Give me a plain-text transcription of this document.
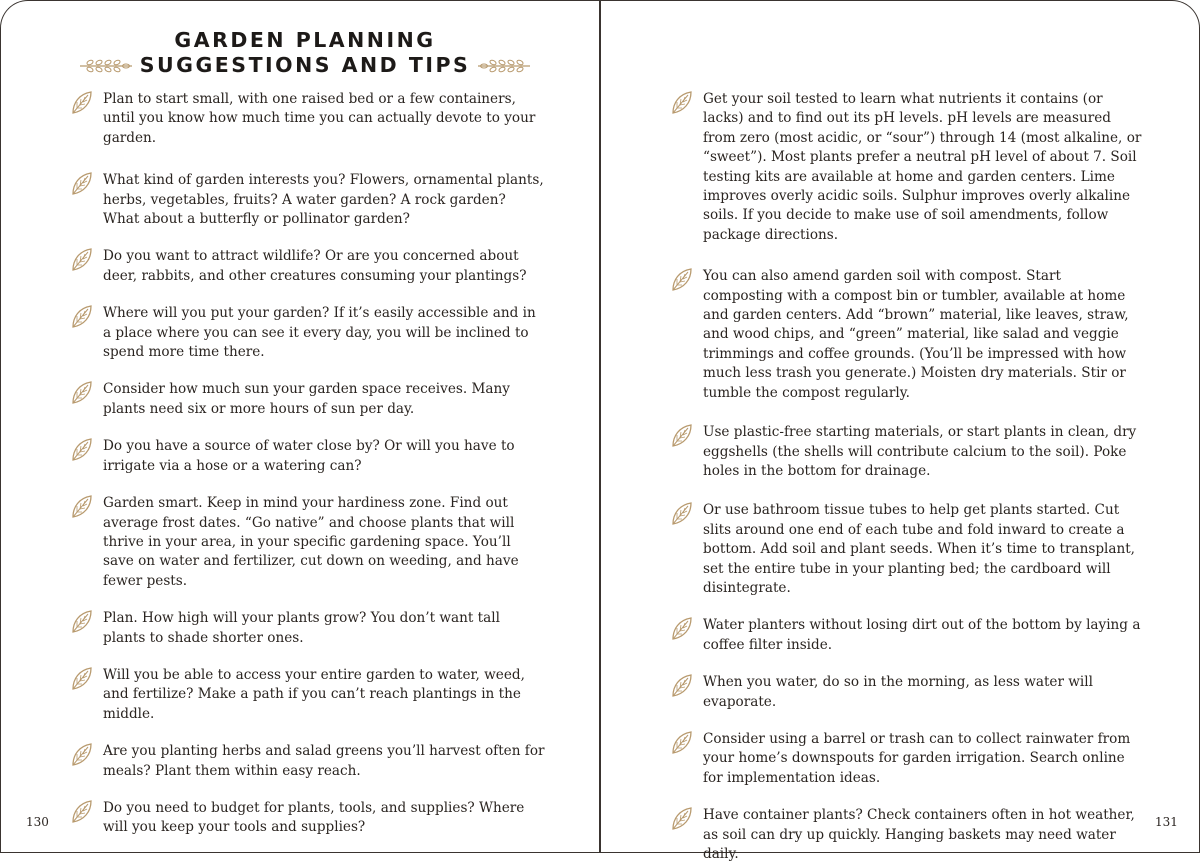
GARDEN PLANNING
SUGGESTIONS AND TIPS
Plan to start small, with one raised bed or a few containers, until you know how much time you can actually devote to your garden.
What kind of garden interests you? Flowers, ornamental plants, herbs, vegetables, fruits? A water garden? A rock garden? What about a butterfly or pollinator garden?
Do you want to attract wildlife? Or are you concerned about deer, rabbits, and other creatures consuming your plantings?
Where will you put your garden? If it’s easily accessible and in a place where you can see it every day, you will be inclined to spend more time there.
Consider how much sun your garden space receives. Many plants need six or more hours of sun per day.
Do you have a source of water close by? Or will you have to irrigate via a hose or a watering can?
Garden smart. Keep in mind your hardiness zone. Find out average frost dates. “Go native” and choose plants that will thrive in your area, in your specific gardening space. You’ll save on water and fertilizer, cut down on weeding, and have fewer pests.
Plan. How high will your plants grow? You don’t want tall plants to shade shorter ones.
Will you be able to access your entire garden to water, weed, and fertilize? Make a path if you can’t reach plantings in the middle.
Are you planting herbs and salad greens you’ll harvest often for meals? Plant them within easy reach.
Do you need to budget for plants, tools, and supplies? Where will you keep your tools and supplies?
Get your soil tested to learn what nutrients it contains (or lacks) and to find out its pH levels. pH levels are measured from zero (most acidic, or “sour”) through 14 (most alkaline, or “sweet”). Most plants prefer a neutral pH level of about 7. Soil testing kits are available at home and garden centers. Lime improves overly acidic soils. Sulphur improves overly alkaline soils. If you decide to make use of soil amendments, follow package directions.
You can also amend garden soil with compost. Start composting with a compost bin or tumbler, available at home and garden centers. Add “brown” material, like leaves, straw, and wood chips, and “green” material, like salad and veggie trimmings and coffee grounds. (You’ll be impressed with how much less trash you generate.) Moisten dry materials. Stir or tumble the compost regularly.
Use plastic-free starting materials, or start plants in clean, dry eggshells (the shells will contribute calcium to the soil). Poke holes in the bottom for drainage.
Or use bathroom tissue tubes to help get plants started. Cut slits around one end of each tube and fold inward to create a bottom. Add soil and plant seeds. When it’s time to transplant, set the entire tube in your planting bed; the cardboard will disintegrate.
Water planters without losing dirt out of the bottom by laying a coffee filter inside.
When you water, do so in the morning, as less water will evaporate.
Consider using a barrel or trash can to collect rainwater from your home’s downspouts for garden irrigation. Search online for implementation ideas.
Have container plants? Check containers often in hot weather, as soil can dry up quickly. Hanging baskets may need water daily.
130	131
